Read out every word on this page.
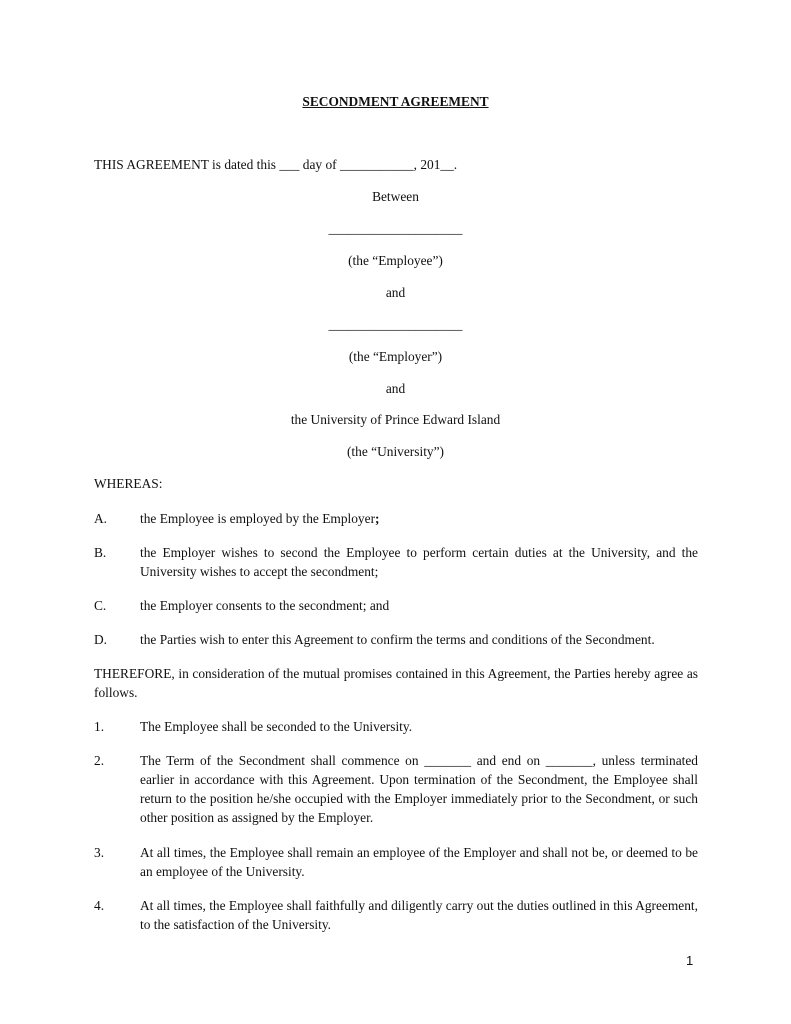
SECONDMENT AGREEMENT
THIS AGREEMENT is dated this ___ day of ___________, 201__.
Between
____________________
(the “Employee”)
and
____________________
(the “Employer”)
and
the University of Prince Edward Island
(the “University”)
WHEREAS:
A. the Employee is employed by the Employer;
B.	the Employer wishes to second the Employee to perform certain duties at the University, and the University wishes to accept the secondment;
C.	the Employer consents to the secondment; and
D. the Parties wish to enter this Agreement to confirm the terms and conditions of the Secondment.
THEREFORE, in consideration of the mutual promises contained in this Agreement, the Parties hereby agree as follows.
1.	The Employee shall be seconded to the University.
2.	The Term of the Secondment shall commence on _______ and end on _______, unless terminated earlier in accordance with this Agreement. Upon termination of the Secondment, the Employee shall return to the position he/she occupied with the Employer immediately prior to the Secondment, or such other position as assigned by the Employer.
3.	At all times, the Employee shall remain an employee of the Employer and shall not be, or deemed to be an employee of the University.
4.	At all times, the Employee shall faithfully and diligently carry out the duties outlined in this Agreement, to the satisfaction of the University.
1
